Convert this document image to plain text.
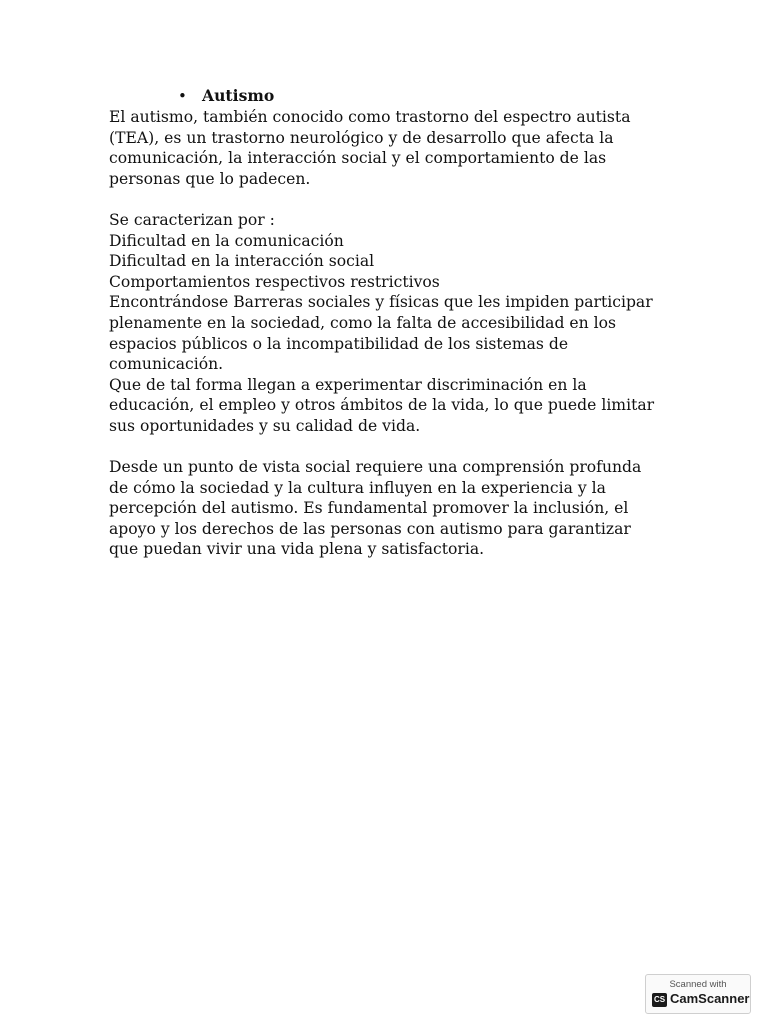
• Autismo
El autismo, también conocido como trastorno del espectro autista
(TEA), es un trastorno neurológico y de desarrollo que afecta la
comunicación, la interacción social y el comportamiento de las
personas que lo padecen.
Se caracterizan por :
Dificultad en la comunicación
Dificultad en la interacción social
Comportamientos respectivos restrictivos
Encontrándose Barreras sociales y físicas que les impiden participar
plenamente en la sociedad, como la falta de accesibilidad en los
espacios públicos o la incompatibilidad de los sistemas de
comunicación.
Que de tal forma llegan a experimentar discriminación en la
educación, el empleo y otros ámbitos de la vida, lo que puede limitar
sus oportunidades y su calidad de vida.
Desde un punto de vista social requiere una comprensión profunda
de cómo la sociedad y la cultura influyen en la experiencia y la
percepción del autismo. Es fundamental promover la inclusión, el
apoyo y los derechos de las personas con autismo para garantizar
que puedan vivir una vida plena y satisfactoria.
Scanned with
CS CamScanner
